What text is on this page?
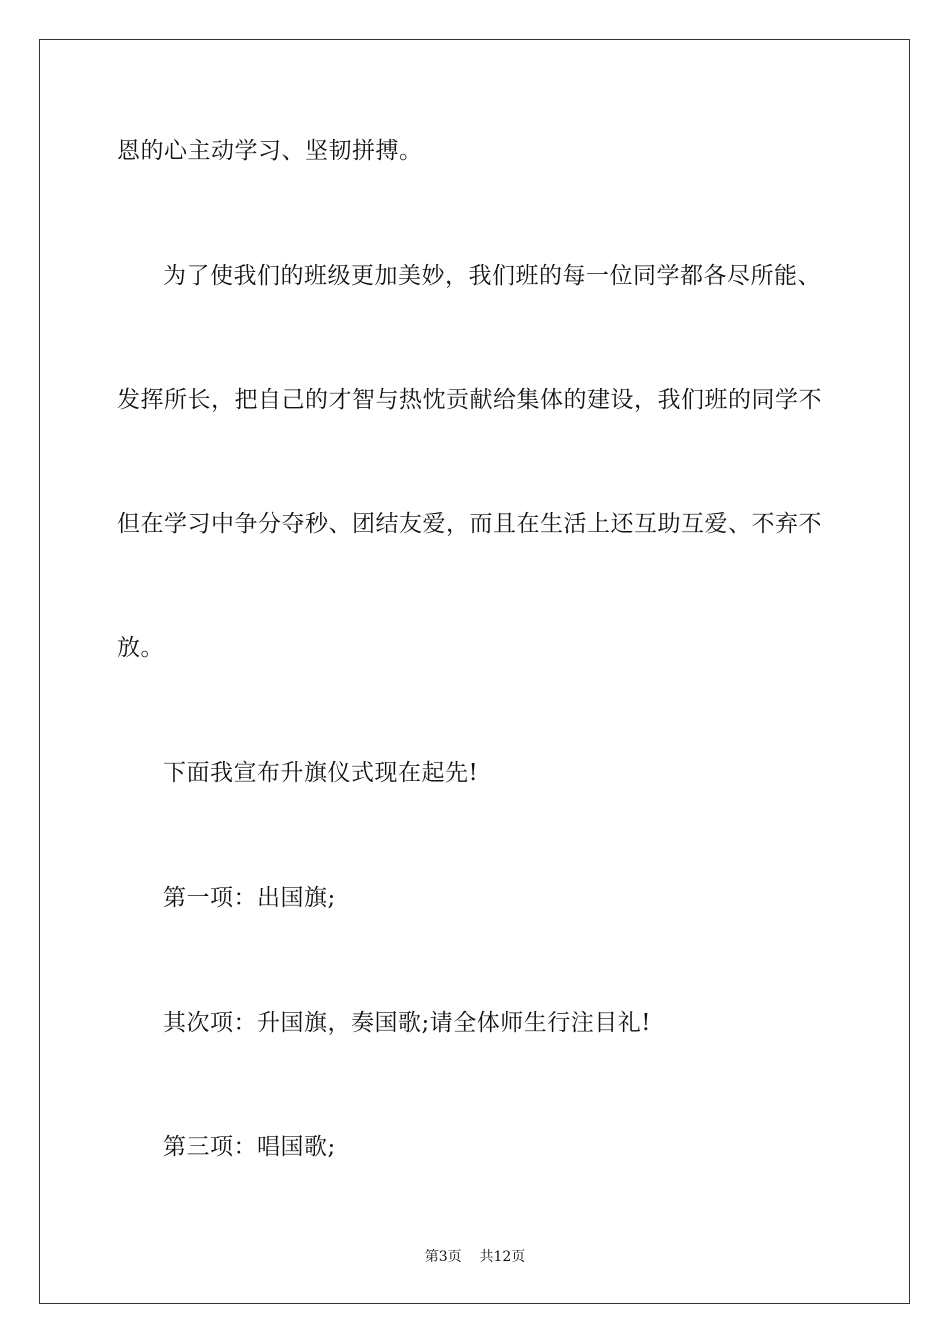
恩的心主动学习、坚韧拼搏。
为了使我们的班级更加美妙，我们班的每一位同学都各尽所能、
发挥所长，把自己的才智与热忱贡献给集体的建设，我们班的同学不
但在学习中争分夺秒、团结友爱，而且在生活上还互助互爱、不弃不
放。
下面我宣布升旗仪式现在起先!
第一项：出国旗;
其次项：升国旗，奏国歌;请全体师生行注目礼!
第三项：唱国歌;
第3页    共12页
